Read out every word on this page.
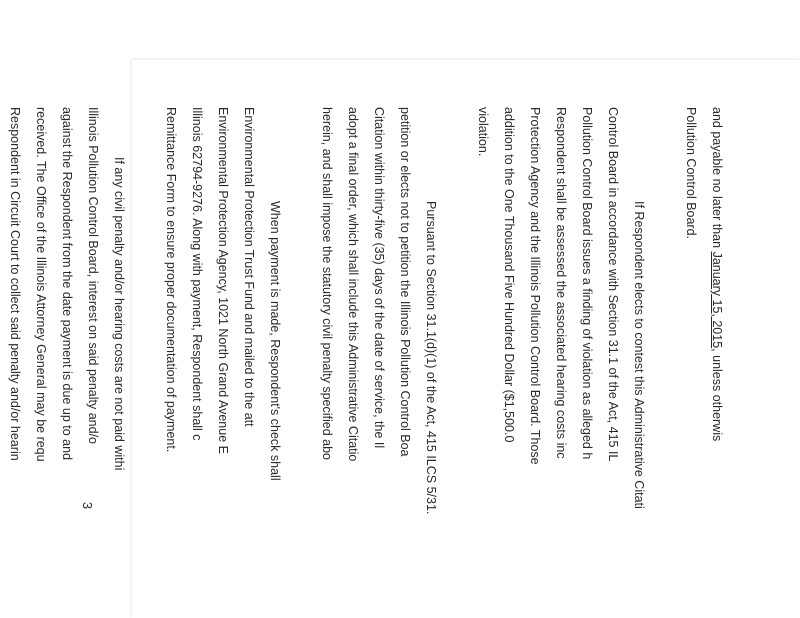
and payable no later than January 15, 2015, unless otherwis
Pollution Control Board.
If Respondent elects to contest this Administrative Citati
Control Board in accordance with Section 31.1 of the Act, 415 IL
Pollution Control Board issues a finding of violation as alleged h
Respondent shall be assessed the associated hearing costs inc
Protection Agency and the Illinois Pollution Control Board. Those
addition to the One Thousand Five Hundred Dollar ($1,500.0
violation.
Pursuant to Section 31.1(d)(1) of the Act, 415 ILCS 5/31.
petition or elects not to petition the Illinois Pollution Control Boa
Citation within thirty-five (35) days of the date of service, the Il
adopt a final order, which shall include this Administrative Citatio
herein, and shall impose the statutory civil penalty specified abo
When payment is made, Respondent's check shall
Environmental Protection Trust Fund and mailed to the att
Environmental Protection Agency, 1021 North Grand Avenue E
Illinois 62794-9276. Along with payment, Respondent shall c
Remittance Form to ensure proper documentation of payment.
If any civil penalty and/or hearing costs are not paid withi
Illinois Pollution Control Board, interest on said penalty and/o
against the Respondent from the date payment is due up to and
received. The Office of the Illinois Attorney General may be requ
Respondent in Circuit Court to collect said penalty and/or hearin
3
